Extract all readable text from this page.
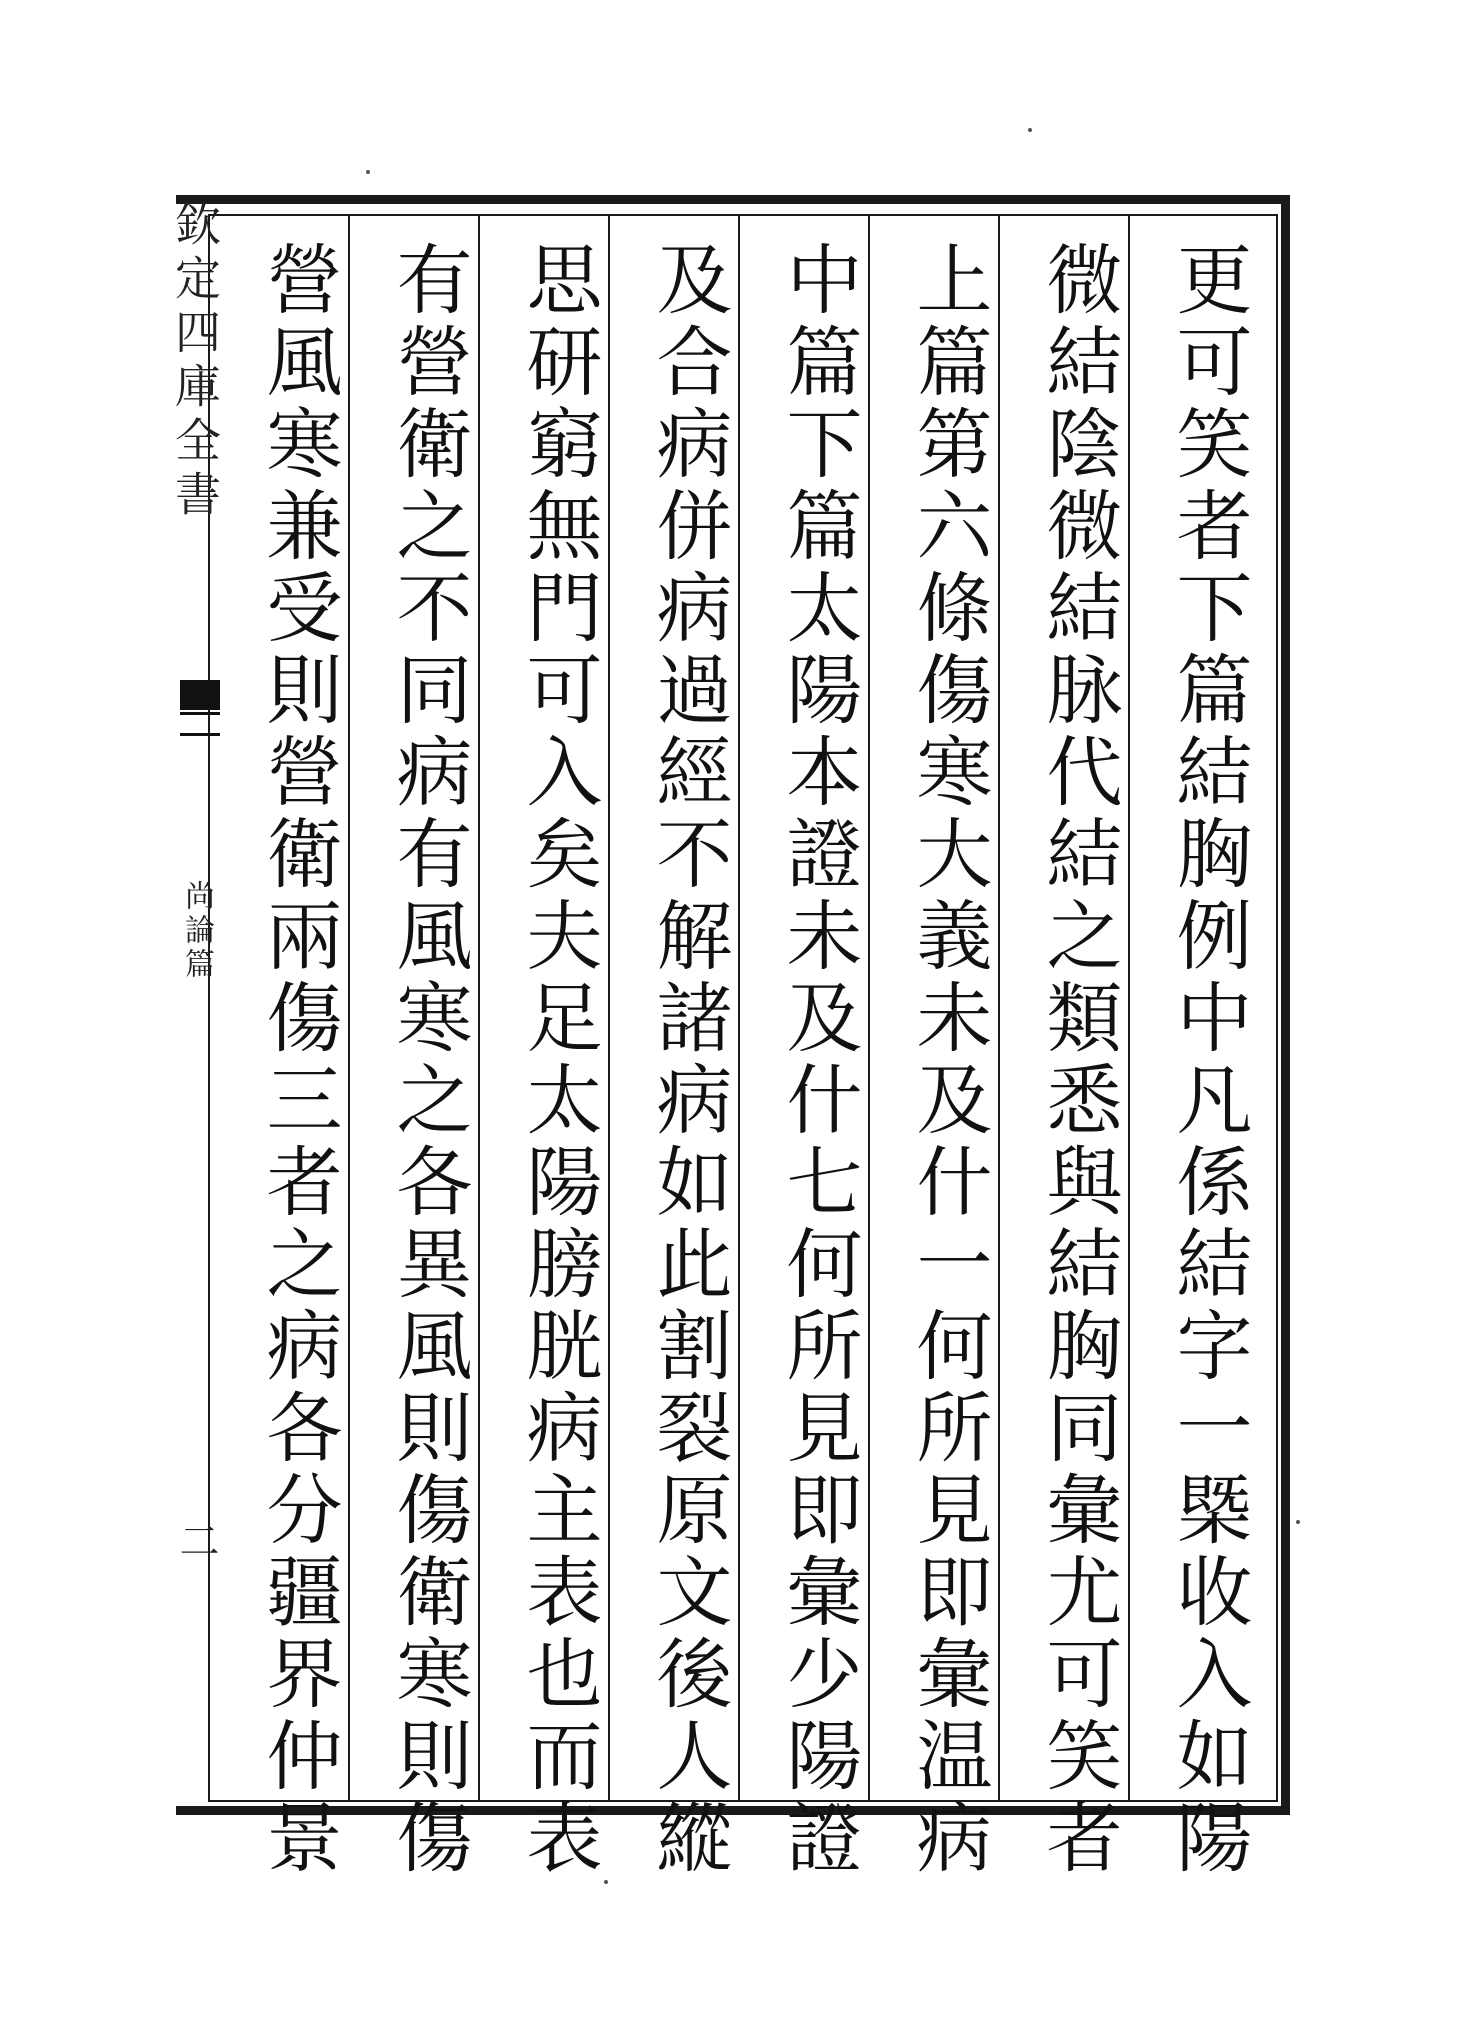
欽定四庫全書
尚論篇
二	更可笑者下篇結胸例中凡係結字一槩收入如陽
微結陰微結脉代結之類悉與結胸同彙尤可笑者
上篇第六條傷寒大義未及什一何所見即彙温病
中篇下篇太陽本證未及什七何所見即彙少陽證
及合病併病過經不解諸病如此割裂原文後人縱
思研窮無門可入矣夫足太陽膀胱病主表也而表
有營衛之不同病有風寒之各異風則傷衛寒則傷
營風寒兼受則營衛兩傷三者之病各分疆界仲景
